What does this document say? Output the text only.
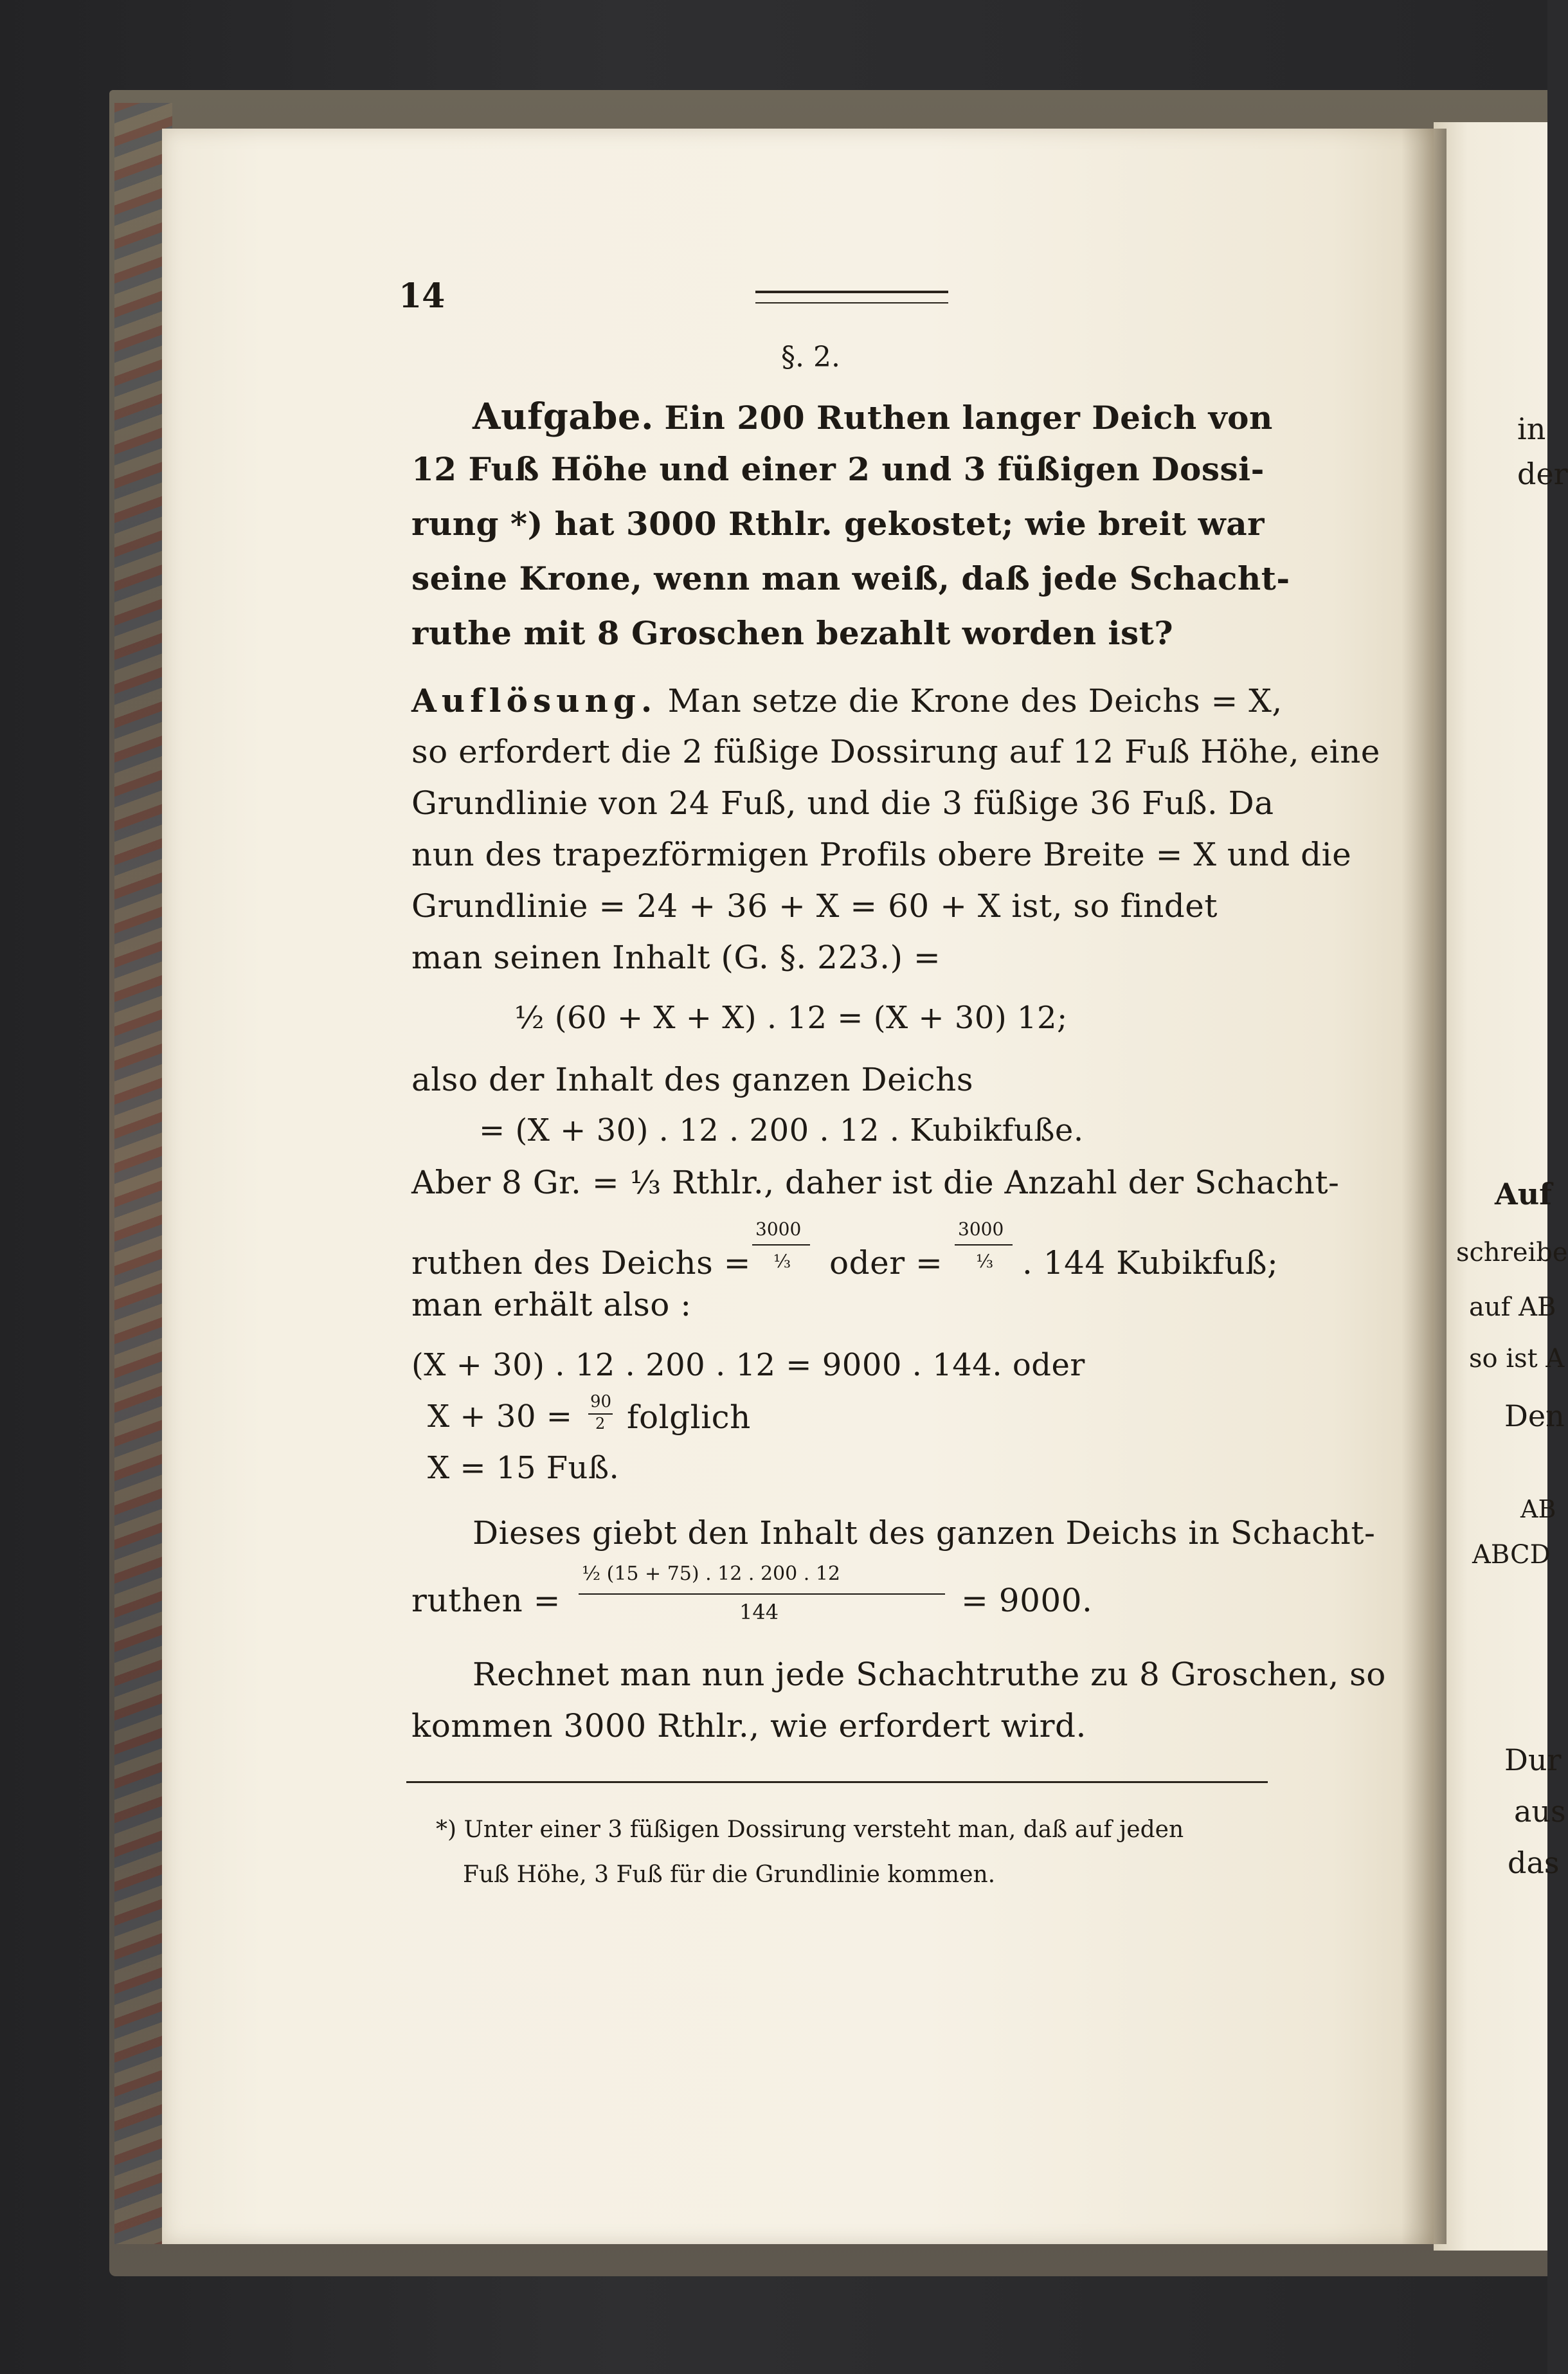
14
§. 2.
Aufgabe. Ein 200 Ruthen langer Deich von
12 Fuß Höhe und einer 2 und 3 füßigen Dossi-
rung *) hat 3000 Rthlr. gekostet; wie breit war
seine Krone, wenn man weiß, daß jede Schacht-
ruthe mit 8 Groschen bezahlt worden ist?
Auflösung. Man setze die Krone des Deichs = X,
so erfordert die 2 füßige Dossirung auf 12 Fuß Höhe, eine
Grundlinie von 24 Fuß, und die 3 füßige 36 Fuß. Da
nun des trapezförmigen Profils obere Breite = X und die
Grundlinie = 24 + 36 + X = 60 + X ist, so findet
man seinen Inhalt (G. §. 223.) =
½ (60 + X + X) . 12 = (X + 30) 12;
also der Inhalt des ganzen Deichs
= (X + 30) . 12 . 200 . 12 . Kubikfuße.
Aber 8 Gr. = ⅓ Rthlr., daher ist die Anzahl der Schacht-
ruthen des Deichs =
3000
⅓ oder =
3000
⅓ . 144 Kubikfuß;
man erhält also :
(X + 30) . 12 . 200 . 12 = 9000 . 144. oder
X + 30 = 90
2 folglich
X = 15 Fuß.
Dieses giebt den Inhalt des ganzen Deichs in Schacht-
ruthen =
½ (15 + 75) . 12 . 200 . 12
144	= 9000.
Rechnet man nun jede Schachtruthe zu 8 Groschen, so
kommen 3000 Rthlr., wie erfordert wird.
*) Unter einer 3 füßigen Dossirung versteht man, daß auf jeden
Fuß Höhe, 3 Fuß für die Grundlinie kommen.
in
der
Auf
schreibe
auf AB
so ist A
Den
AB
ABCD
Dur
aus
das
